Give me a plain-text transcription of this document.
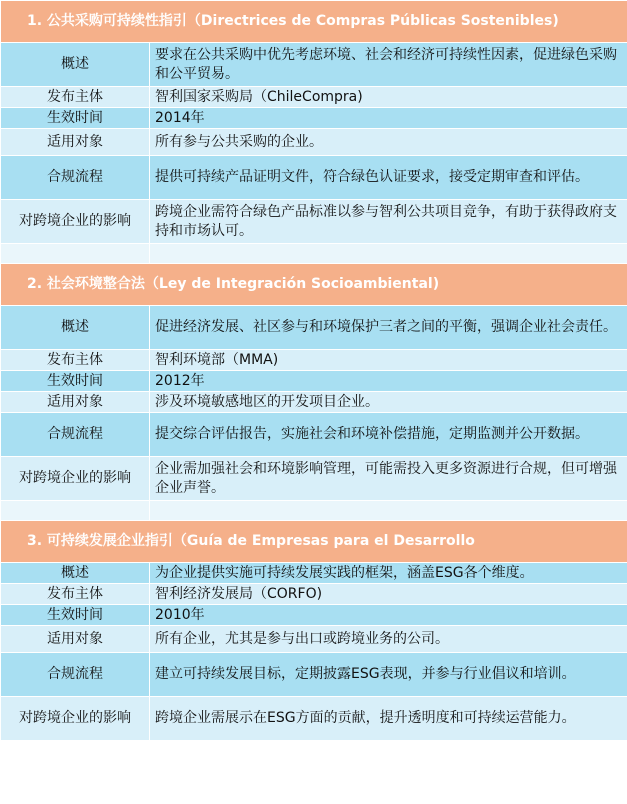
1. 公共采购可持续性指引（Directrices de Compras Públicas Sostenibles)	
概述	要求在公共采购中优先考虑环境、社会和经济可持续性因素，促进绿色采购和公平贸易。
发布主体	智利国家采购局（ChileCompra)
生效时间	2014年
适用对象	所有参与公共采购的企业。
合规流程	提供可持续产品证明文件，符合绿色认证要求，接受定期审查和评估。
对跨境企业的影响	跨境企业需符合绿色产品标准以参与智利公共项目竞争，有助于获得政府支持和市场认可。

2. 社会环境整合法（Ley de Integración Socioambiental)	
概述	促进经济发展、社区参与和环境保护三者之间的平衡，强调企业社会责任。
发布主体	智利环境部（MMA)
生效时间	2012年
适用对象	涉及环境敏感地区的开发项目企业。
合规流程	提交综合评估报告，实施社会和环境补偿措施，定期监测并公开数据。
对跨境企业的影响	企业需加强社会和环境影响管理，可能需投入更多资源进行合规，但可增强企业声誉。

3. 可持续发展企业指引（Guía de Empresas para el Desarrollo	
概述	为企业提供实施可持续发展实践的框架，涵盖ESG各个维度。
发布主体	智利经济发展局（CORFO)
生效时间	2010年
适用对象	所有企业，尤其是参与出口或跨境业务的公司。
合规流程	建立可持续发展目标，定期披露ESG表现，并参与行业倡议和培训。
对跨境企业的影响	跨境企业需展示在ESG方面的贡献，提升透明度和可持续运营能力。
